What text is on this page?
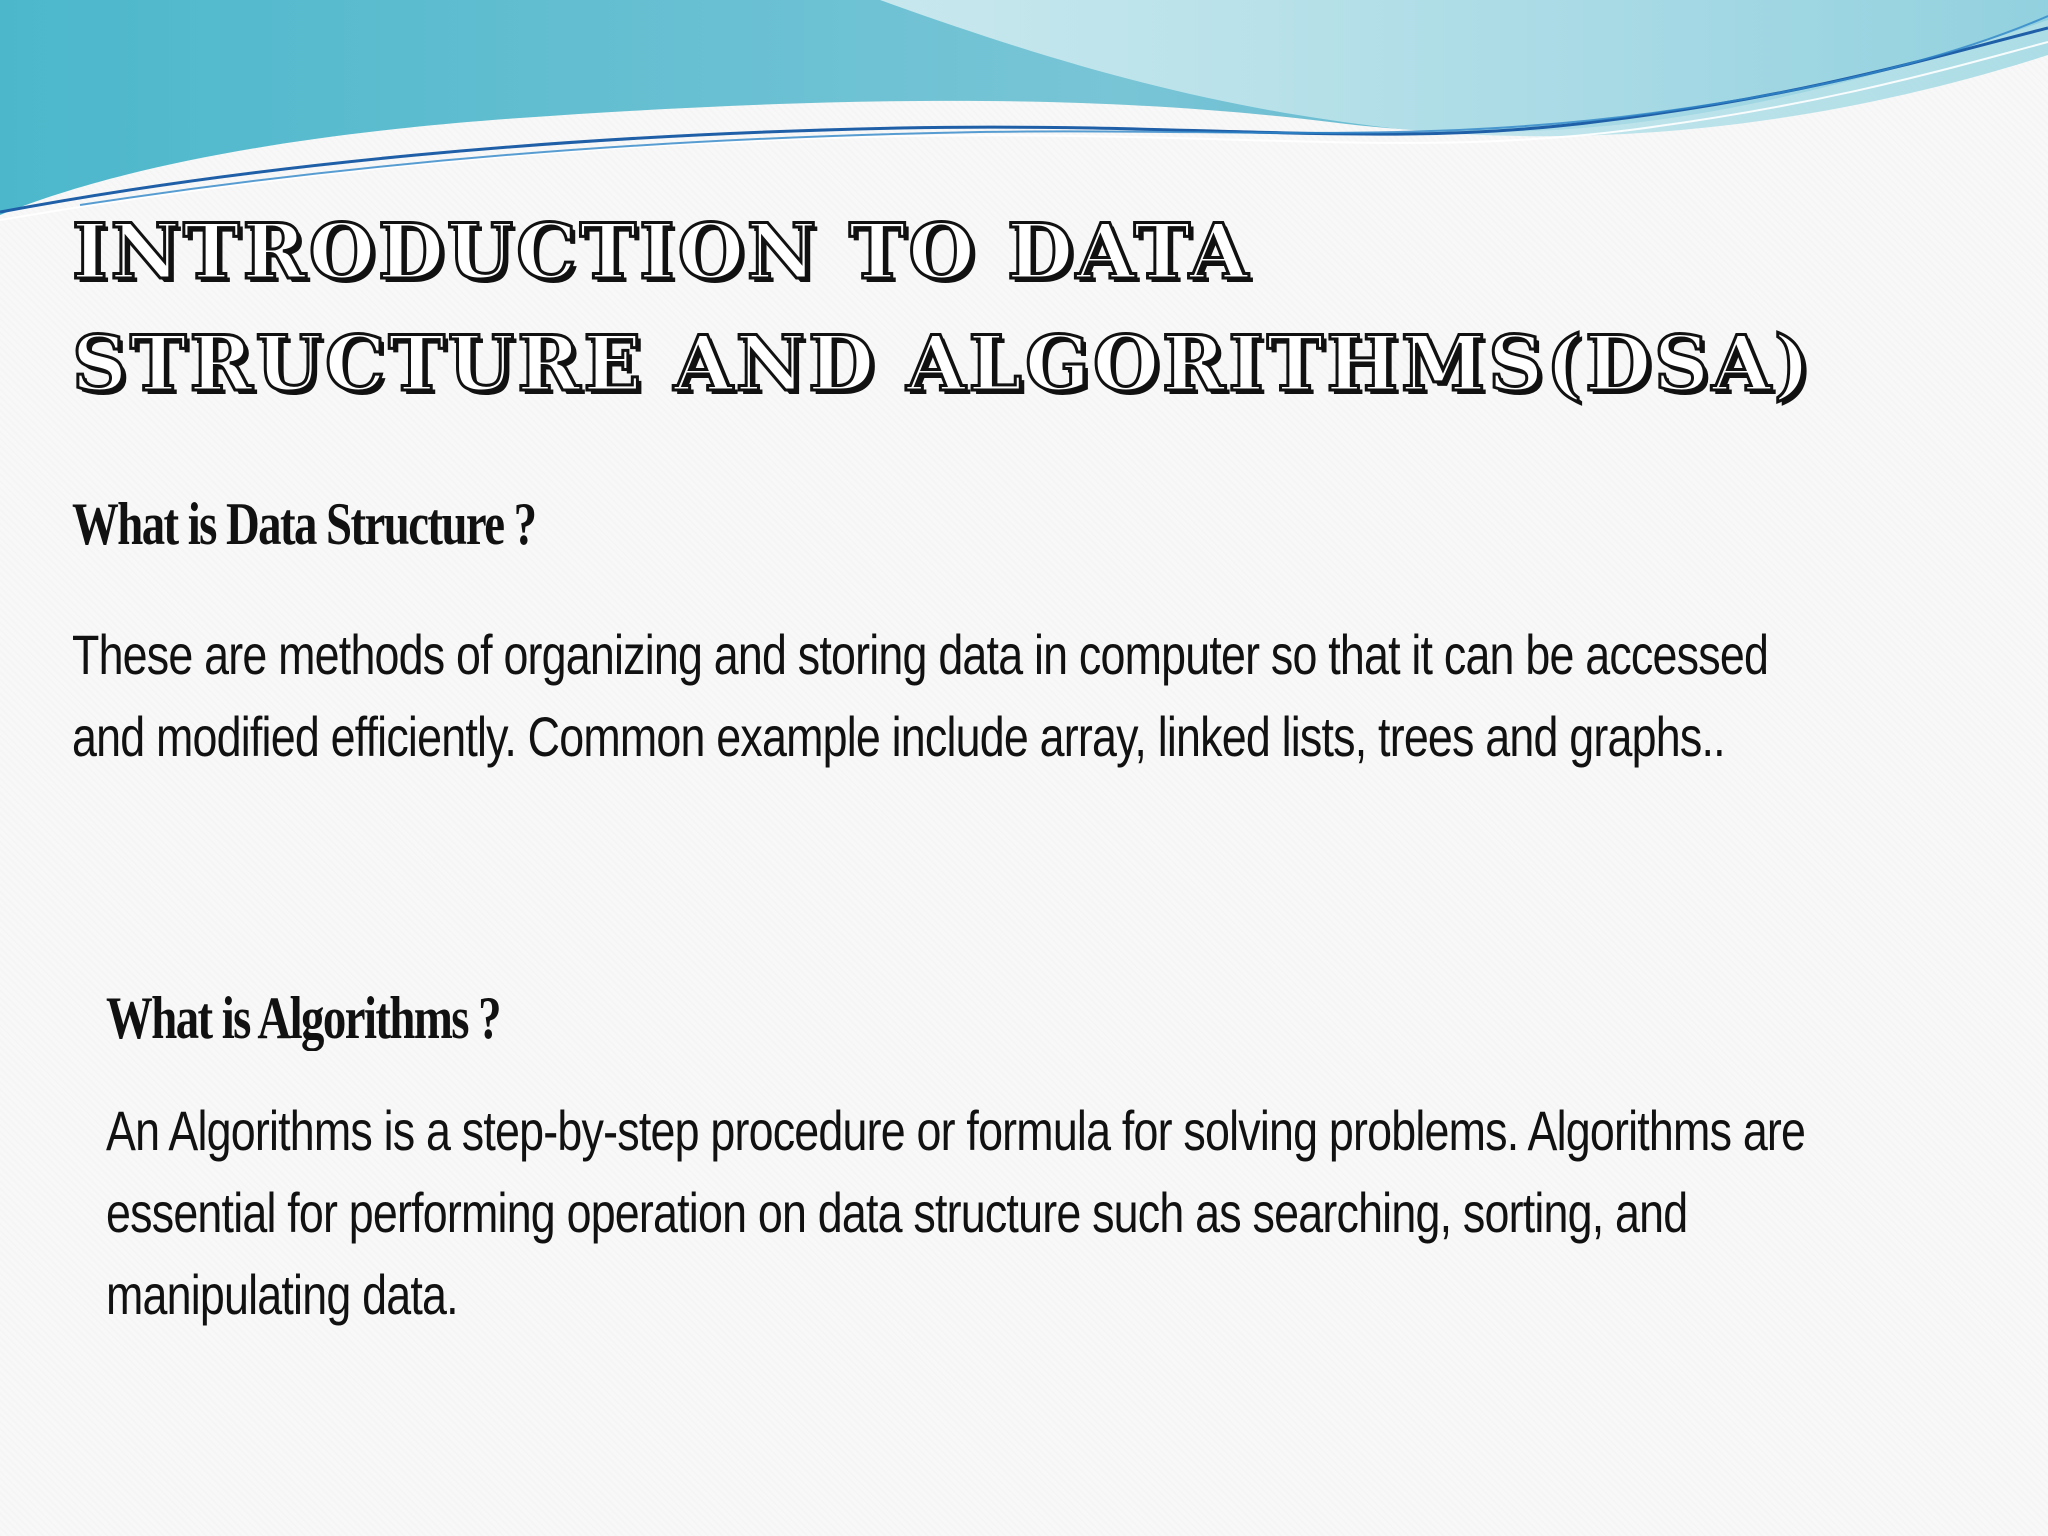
INTRODUCTION TO DATA STRUCTURE AND ALGORITHMS(DSA)
What is Data Structure ?

These are methods of organizing and storing data in computer so that it can be accessed and modified efficiently. Common example include array, linked lists, trees and graphs..

What is Algorithms ?

An Algorithms is a step-by-step procedure or formula for solving problems. Algorithms are essential for performing operation on data structure such as searching, sorting, and manipulating data.
